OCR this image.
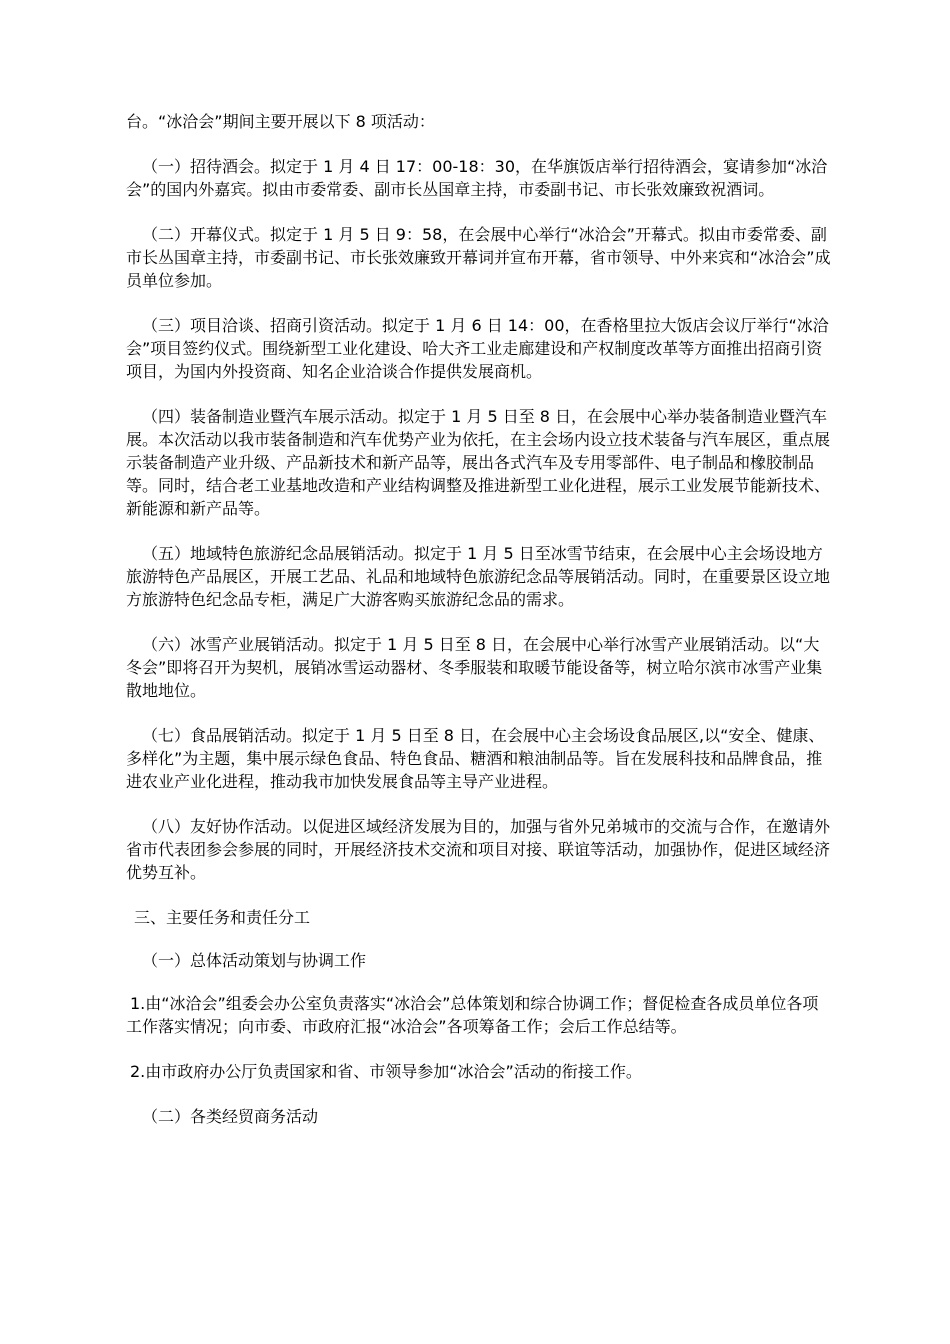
台。“冰洽会”期间主要开展以下 8 项活动：

（一）招待酒会。拟定于 1 月 4 日 17：00-18：30，在华旗饭店举行招待酒会，宴请参加“冰洽会”的国内外嘉宾。拟由市委常委、副市长丛国章主持，市委副书记、市长张效廉致祝酒词。

（二）开幕仪式。拟定于 1 月 5 日 9：58，在会展中心举行“冰洽会”开幕式。拟由市委常委、副市长丛国章主持，市委副书记、市长张效廉致开幕词并宣布开幕，省市领导、中外来宾和“冰洽会”成员单位参加。

（三）项目洽谈、招商引资活动。拟定于 1 月 6 日 14：00，在香格里拉大饭店会议厅举行“冰洽会”项目签约仪式。围绕新型工业化建设、哈大齐工业走廊建设和产权制度改革等方面推出招商引资项目，为国内外投资商、知名企业洽谈合作提供发展商机。

（四）装备制造业暨汽车展示活动。拟定于 1 月 5 日至 8 日，在会展中心举办装备制造业暨汽车展。本次活动以我市装备制造和汽车优势产业为依托，在主会场内设立技术装备与汽车展区，重点展示装备制造产业升级、产品新技术和新产品等，展出各式汽车及专用零部件、电子制品和橡胶制品等。同时，结合老工业基地改造和产业结构调整及推进新型工业化进程，展示工业发展节能新技术、新能源和新产品等。

（五）地域特色旅游纪念品展销活动。拟定于 1 月 5 日至冰雪节结束，在会展中心主会场设地方旅游特色产品展区，开展工艺品、礼品和地域特色旅游纪念品等展销活动。同时，在重要景区设立地方旅游特色纪念品专柜，满足广大游客购买旅游纪念品的需求。

（六）冰雪产业展销活动。拟定于 1 月 5 日至 8 日，在会展中心举行冰雪产业展销活动。以“大冬会”即将召开为契机，展销冰雪运动器材、冬季服装和取暖节能设备等，树立哈尔滨市冰雪产业集散地地位。

（七）食品展销活动。拟定于 1 月 5 日至 8 日，在会展中心主会场设食品展区,以“安全、健康、多样化”为主题，集中展示绿色食品、特色食品、糖酒和粮油制品等。旨在发展科技和品牌食品，推进农业产业化进程，推动我市加快发展食品等主导产业进程。

（八）友好协作活动。以促进区域经济发展为目的，加强与省外兄弟城市的交流与合作，在邀请外省市代表团参会参展的同时，开展经济技术交流和项目对接、联谊等活动，加强协作，促进区域经济优势互补。

三、主要任务和责任分工

（一）总体活动策划与协调工作

1.由“冰洽会”组委会办公室负责落实“冰洽会”总体策划和综合协调工作；督促检查各成员单位各项工作落实情况；向市委、市政府汇报“冰洽会”各项筹备工作；会后工作总结等。

2.由市政府办公厅负责国家和省、市领导参加“冰洽会”活动的衔接工作。

（二）各类经贸商务活动
